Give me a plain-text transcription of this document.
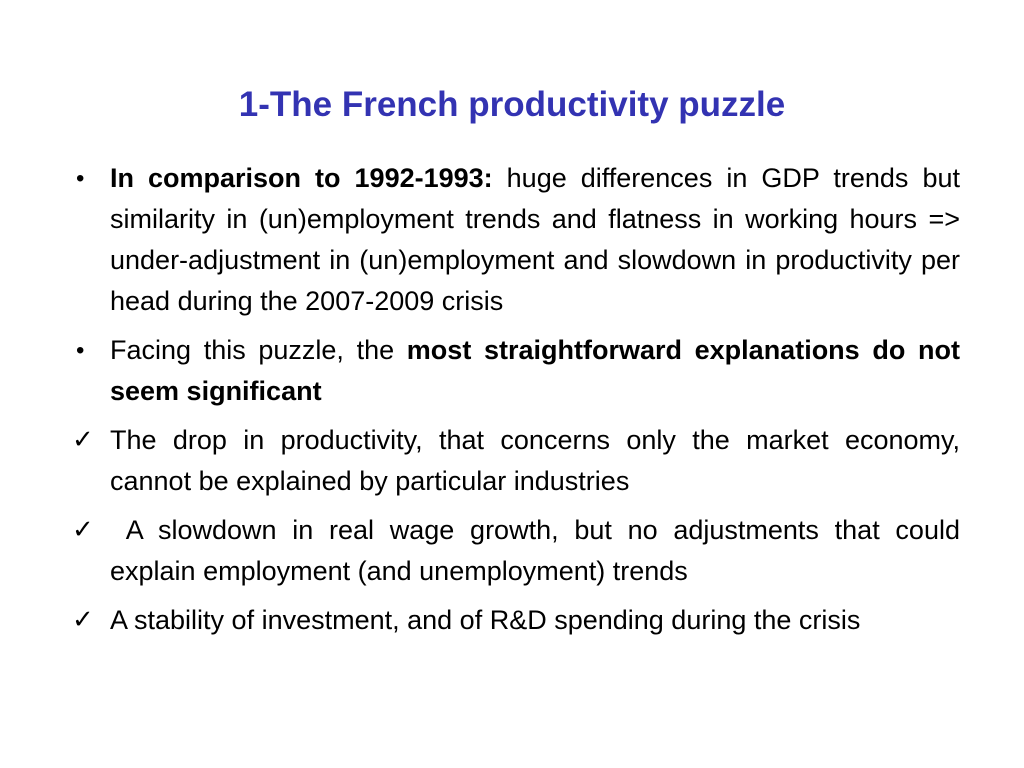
1-The French productivity puzzle
• In comparison to 1992-1993: huge differences in GDP trends but similarity in (un)employment trends and flatness in working hours => under-adjustment in (un)employment and slowdown in productivity per head during the 2007-2009 crisis
• Facing this puzzle, the most straightforward explanations do not seem significant
✓ The drop in productivity, that concerns only the market economy, cannot be explained by particular industries
✓ A slowdown in real wage growth, but no adjustments that could explain employment (and unemployment) trends
✓ A stability of investment, and of R&D spending during the crisis
